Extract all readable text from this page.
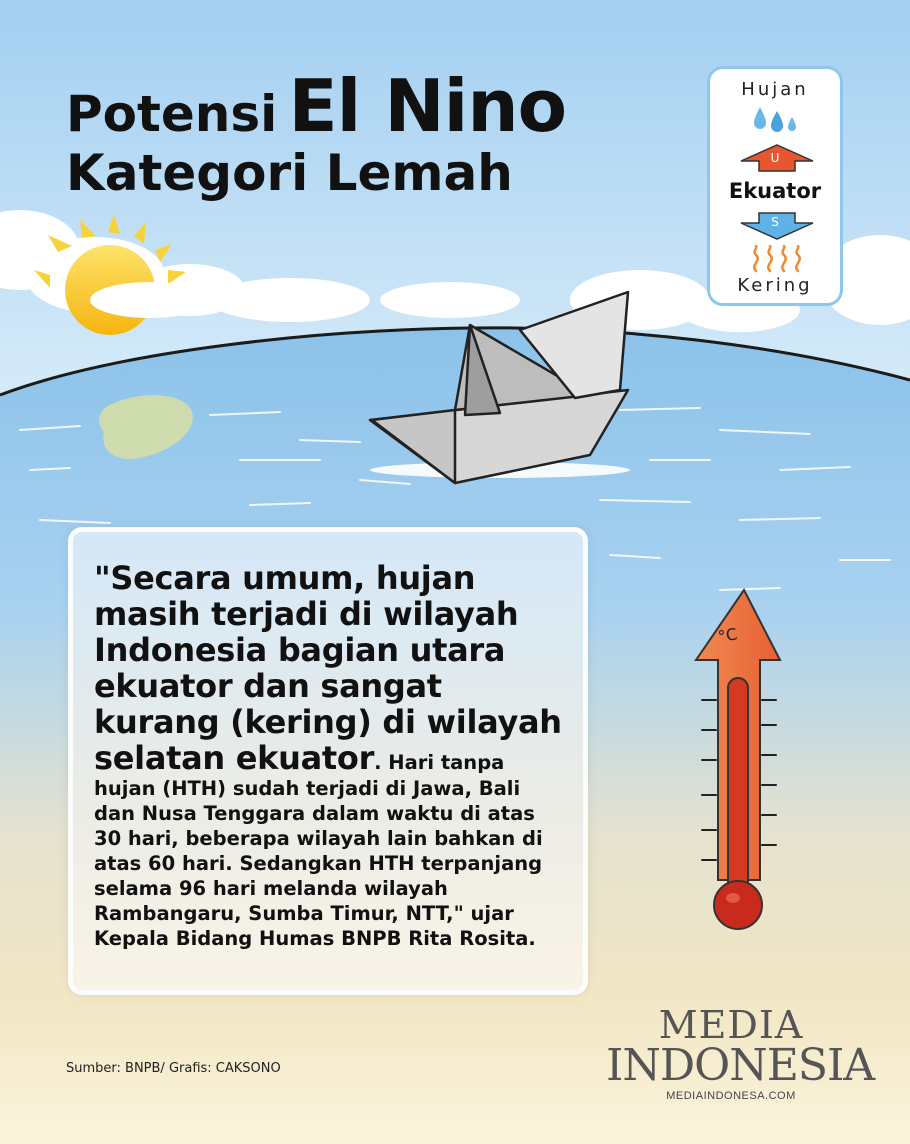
°C
Potensi El Nino
Kategori Lemah
Hujan
U
Ekuator
S
Kering

"Secara umum, hujan masih terjadi di wilayah Indonesia bagian utara ekuator dan sangat kurang (kering) di wilayah selatan ekuator. Hari tanpa hujan (HTH) sudah terjadi di Jawa, Bali dan Nusa Tenggara dalam waktu di atas 30 hari, beberapa wilayah lain bahkan di atas 60 hari. Sedangkan HTH terpanjang selama 96 hari melanda wilayah Rambangaru, Sumba Timur, NTT," ujar Kepala Bidang Humas BNPB Rita Rosita.

Sumber: BNPB/ Grafis: CAKSONO
MEDIA
INDONESIA
MEDIAINDONESA.COM
